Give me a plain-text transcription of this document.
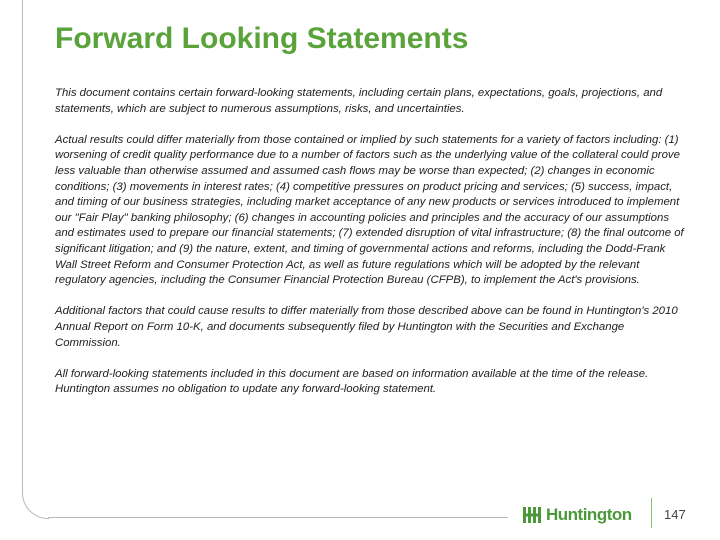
Forward Looking Statements

This document contains certain forward-looking statements, including certain plans, expectations, goals, projections, and statements, which are subject to numerous assumptions, risks, and uncertainties.

Actual results could differ materially from those contained or implied by such statements for a variety of factors including: (1) worsening of credit quality performance due to a number of factors such as the underlying value of the collateral could prove less valuable than otherwise assumed and assumed cash flows may be worse than expected; (2) changes in economic conditions; (3) movements in interest rates; (4) competitive pressures on product pricing and services; (5) success, impact, and timing of our business strategies, including market acceptance of any new products or services introduced to implement our "Fair Play" banking philosophy; (6) changes in accounting policies and principles and the accuracy of our assumptions and estimates used to prepare our financial statements; (7) extended disruption of vital infrastructure; (8) the final outcome of significant litigation; and (9) the nature, extent, and timing of governmental actions and reforms, including the Dodd-Frank Wall Street Reform and Consumer Protection Act, as well as future regulations which will be adopted by the relevant regulatory agencies, including the Consumer Financial Protection Bureau (CFPB), to implement the Act's provisions.

Additional factors that could cause results to differ materially from those described above can be found in Huntington's 2010 Annual Report on Form 10-K, and documents subsequently filed by Huntington with the Securities and Exchange Commission.

All forward-looking statements included in this document are based on information available at the time of the release. Huntington assumes no obligation to update any forward-looking statement.

Huntington 147
